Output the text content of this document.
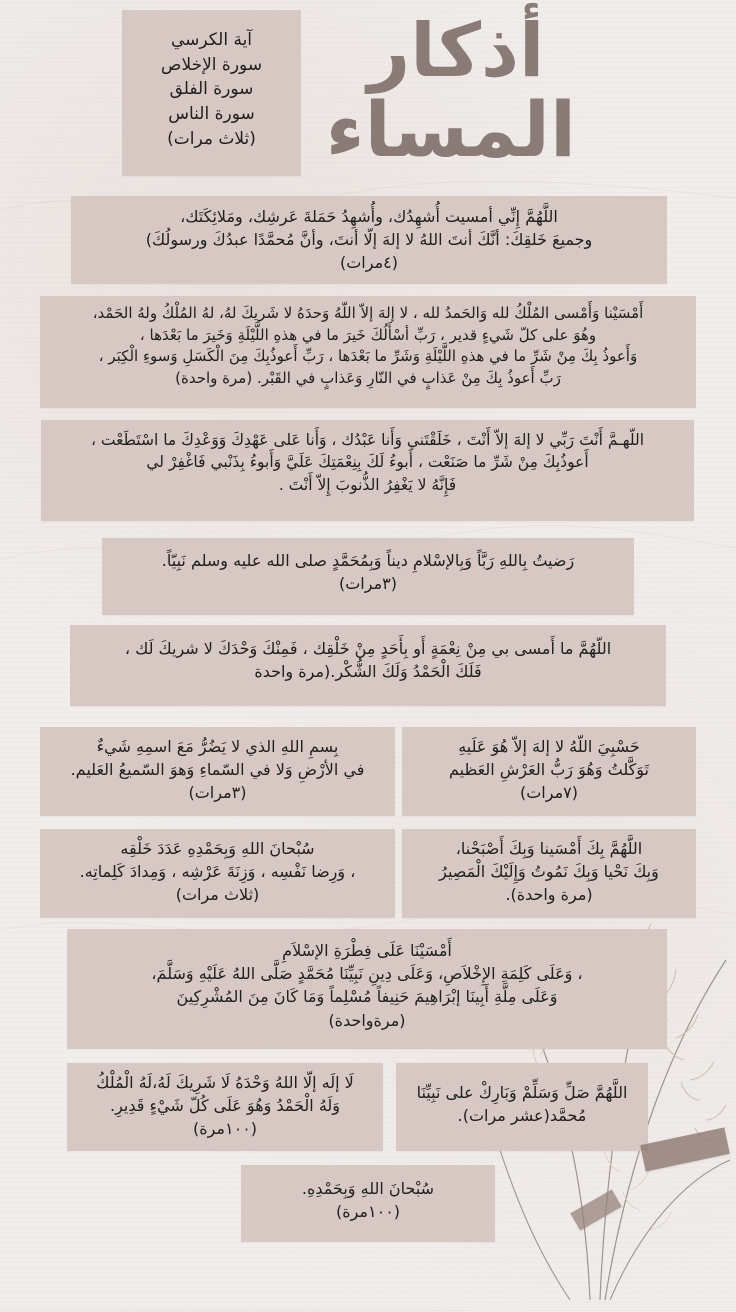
أذكار
المساء
آية الكرسي
سورة الإخلاص
سورة الفلق
سورة الناس
(ثلاث مرات)
اللَّهُمَّ إِنِّي أمسيت أُشهِدُك، وأُشهِدُ حَمَلةَ عَرشِك، ومَلائِكَتَك،
وجميعَ خَلقِكَ: أنَّكَ أنتَ اللهُ لا إلهَ إلّا أنتَ، وأنَّ مُحمَّدًا عبدُكَ ورسولُكَ)
(٤مرات)
أَمْسَيْنا وَأَمْسى المُلْكُ لله وَالحَمدُ لله ، لا إلهَ إلاّ اللّهُ وَحدَهُ لا شَريكَ لهُ، لهُ المُلْكُ ولهُ الحَمْد،
وهُوَ على كلّ شَيءٍ قدير ، رَبِّ أسْأَلُكَ خَيرَ ما في هذهِ اللَّيْلَةِ وَخَيرَ ما بَعْدَها ،
وَأَعوذُ بِكَ مِنْ شَرِّ ما في هذهِ اللَّيْلَةِ وَشَرِّ ما بَعْدَها ، رَبِّ أَعوذُبِكَ مِنَ الْكَسَلِ وَسوءِ الْكِبَر ،
رَبِّ أَعوذُ بِكَ مِنْ عَذابٍ في النّارِ وَعَذابٍ في القَبْر. (مرة واحدة)
اللّهـمَّ أَنْتَ رَبِّي لا إلهَ إلاّ أَنْتَ ، خَلَقْتَني وَأَنا عَبْدُك ، وَأَنا عَلى عَهْدِكَ وَوَعْدِكَ ما اسْتَطَعْت ،
أَعوذُبِكَ مِنْ شَرِّ ما صَنَعْت ، أَبوءُ لَكَ بِنِعْمَتِكَ عَلَيَّ وَأَبوءُ بِذَنْبي فَاغْفِرْ لي
فَإِنَّهُ لا يَغْفِرُ الذُّنوبَ إِلاّ أَنْتَ .
رَضيتُ بِاللهِ رَبَّاً وَبِالإسْلامِ ديناً وَبِمُحَمَّدٍ صلى الله عليه وسلم نَبِيّاً.
(٣مرات)
اللّهُمَّ ما أَمسى بي مِنْ نِعْمَةٍ أَو بِأَحَدٍ مِنْ خَلْقِك ، فَمِنْكَ وَحْدَكَ لا شريكَ لَك ،
فَلَكَ الْحَمْدُ وَلَكَ الشُّكْر.(مرة واحدة
بِسمِ اللهِ الذي لا يَضُرُّ مَعَ اسمِهِ شَيءٌ
في الأرْضِ وَلا في السّماءِ وَهوَ السّميعُ العَليم.
(٣مرات)
حَسْبِيَ اللّهُ لا إلهَ إلاّ هُوَ عَلَيهِ
تَوَكَّلتُ وَهُوَ رَبُّ العَرْشِ العَظيم
(٧مرات)
سُبْحانَ اللهِ وَبِحَمْدِهِ عَدَدَ خَلْقِه
، وَرِضا نَفْسِه ، وَزِنَةَ عَرْشِه ، وَمِدادَ كَلِماتِه.
(ثلاث مرات)
اللَّهُمَّ بِكَ أَمْسَينا وَبِكَ أَصْبَحْنا،
وَبِكَ نَحْيا وَبِكَ نَمُوتُ وَإِلَيْكَ الْمَصِيرُ
(مرة واحدة).
أَمْسَيْنَا عَلَى فِطْرَةِ الإسْلاَمِ
، وَعَلَى كَلِمَةِ الإِخْلاَصِ، وَعَلَى دِينِ نَبِيِّنَا مُحَمَّدٍ صَلَّى اللهُ عَلَيْهِ وَسَلَّمَ،
وَعَلَى مِلَّةِ أَبِينَا إبْرَاهِيمَ حَنِيفاً مُسْلِماً وَمَا كَانَ مِنَ المُشْرِكِينَ
(مرةواحدة)
لَا إلَه إلّا اللهُ وَحْدَهُ لَا شَرِيكَ لَهُ،لَهُ الْمُلْكُ
وَلَهُ الْحَمْدُ وَهُوَ عَلَى كُلّ شَيْءٍ قَدِيرِ.
(١٠٠مرة)
اللَّهُمَّ صَلِّ وَسَلِّمْ وَبَارِكْ على نَبِيِّنَا
مُحمَّد(عشر مرات).
سُبْحانَ اللهِ وَبِحَمْدِهِ.
(١٠٠مرة)
